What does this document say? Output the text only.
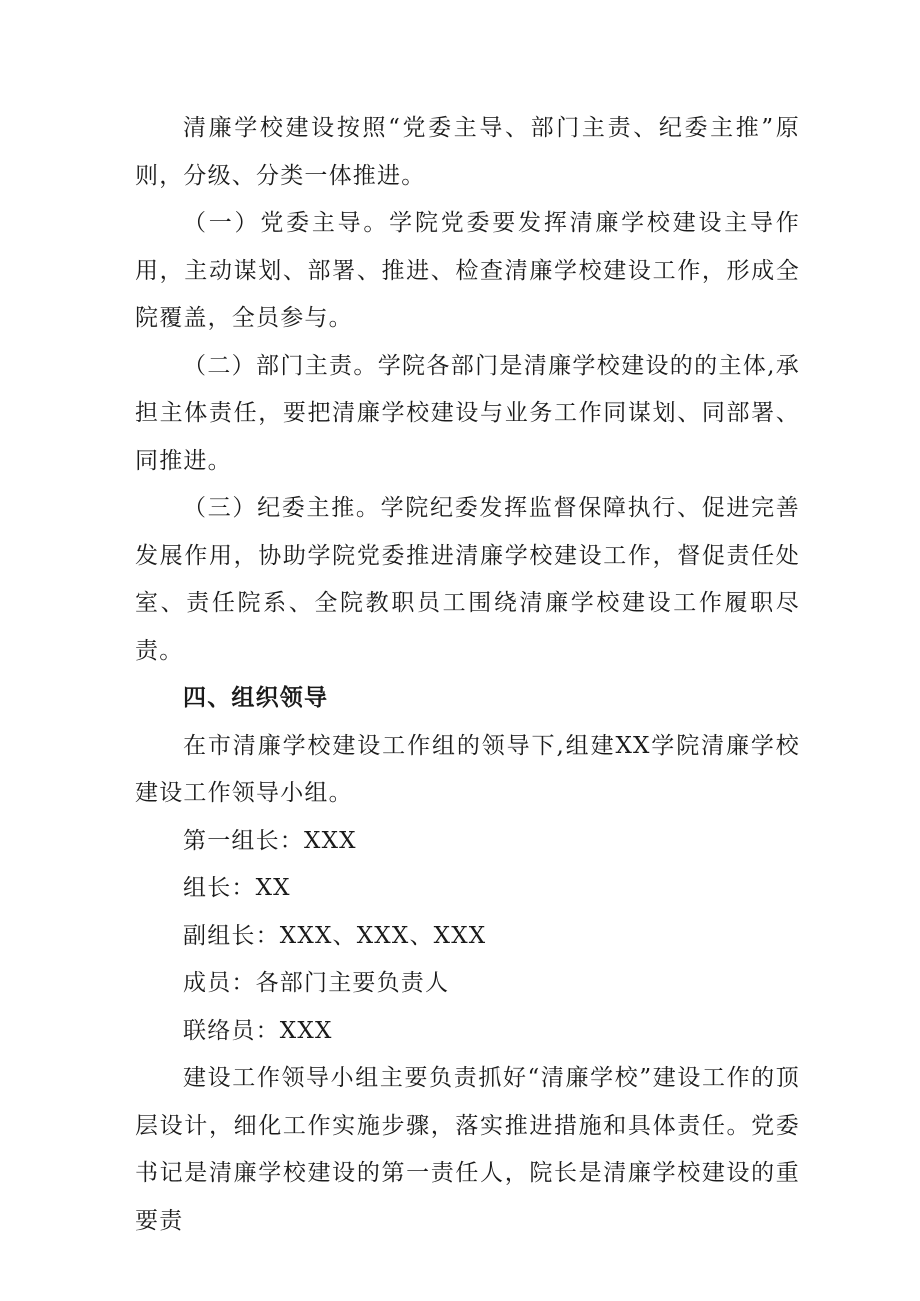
清廉学校建设按照“党委主导、部门主责、纪委主推”原则，分级、分类一体推进。

（一）党委主导。学院党委要发挥清廉学校建设主导作用，主动谋划、部署、推进、检查清廉学校建设工作，形成全院覆盖，全员参与。

（二）部门主责。学院各部门是清廉学校建设的的主体,承担主体责任，要把清廉学校建设与业务工作同谋划、同部署、同推进。

（三）纪委主推。学院纪委发挥监督保障执行、促进完善发展作用，协助学院党委推进清廉学校建设工作，督促责任处室、责任院系、全院教职员工围绕清廉学校建设工作履职尽责。

四、组织领导

在市清廉学校建设工作组的领导下,组建XX学院清廉学校建设工作领导小组。

第一组长：XXX

组长：XX

副组长：XXX、XXX、XXX

成员：各部门主要负责人

联络员：XXX

建设工作领导小组主要负责抓好“清廉学校”建设工作的顶层设计，细化工作实施步骤，落实推进措施和具体责任。党委书记是清廉学校建设的第一责任人，院长是清廉学校建设的重要责
